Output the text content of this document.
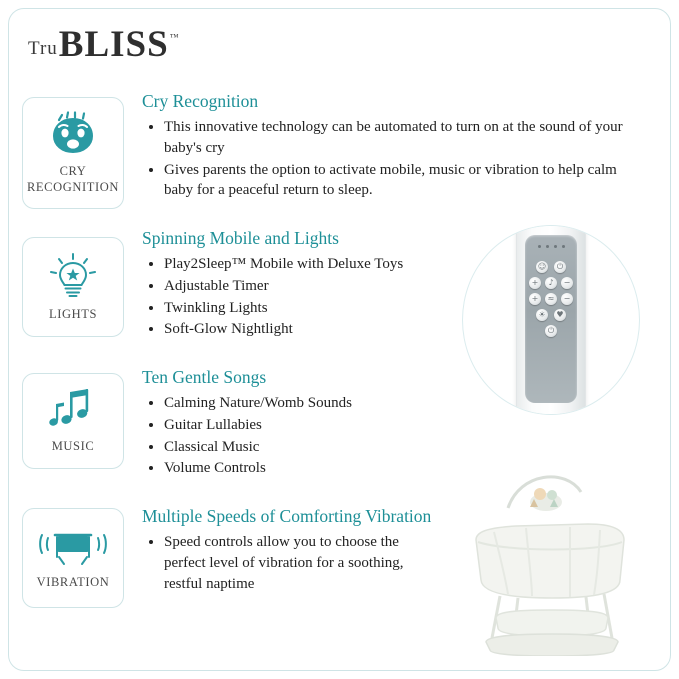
Tru BLISS ™
CRY
RECOGNITION
LIGHTS
MUSIC
VIBRATION
Cry Recognition
• This innovative technology can be automated to turn on at the sound of your baby's cry
• Gives parents the option to activate mobile, music or vibration to help calm baby for a peaceful return to sleep.
Spinning Mobile and Lights
• Play2Sleep™ Mobile with Deluxe Toys
• Adjustable Timer
• Twinkling Lights
• Soft-Glow Nightlight
Ten Gentle Songs
• Calming Nature/Womb Sounds
• Guitar Lullabies
• Classical Music
• Volume Controls
Multiple Speeds of Comforting Vibration
• Speed controls allow you to choose the perfect level of vibration for a soothing, restful naptime
☺	⏻
+	♪	−
+	≈	−
☀	♥
⏻
